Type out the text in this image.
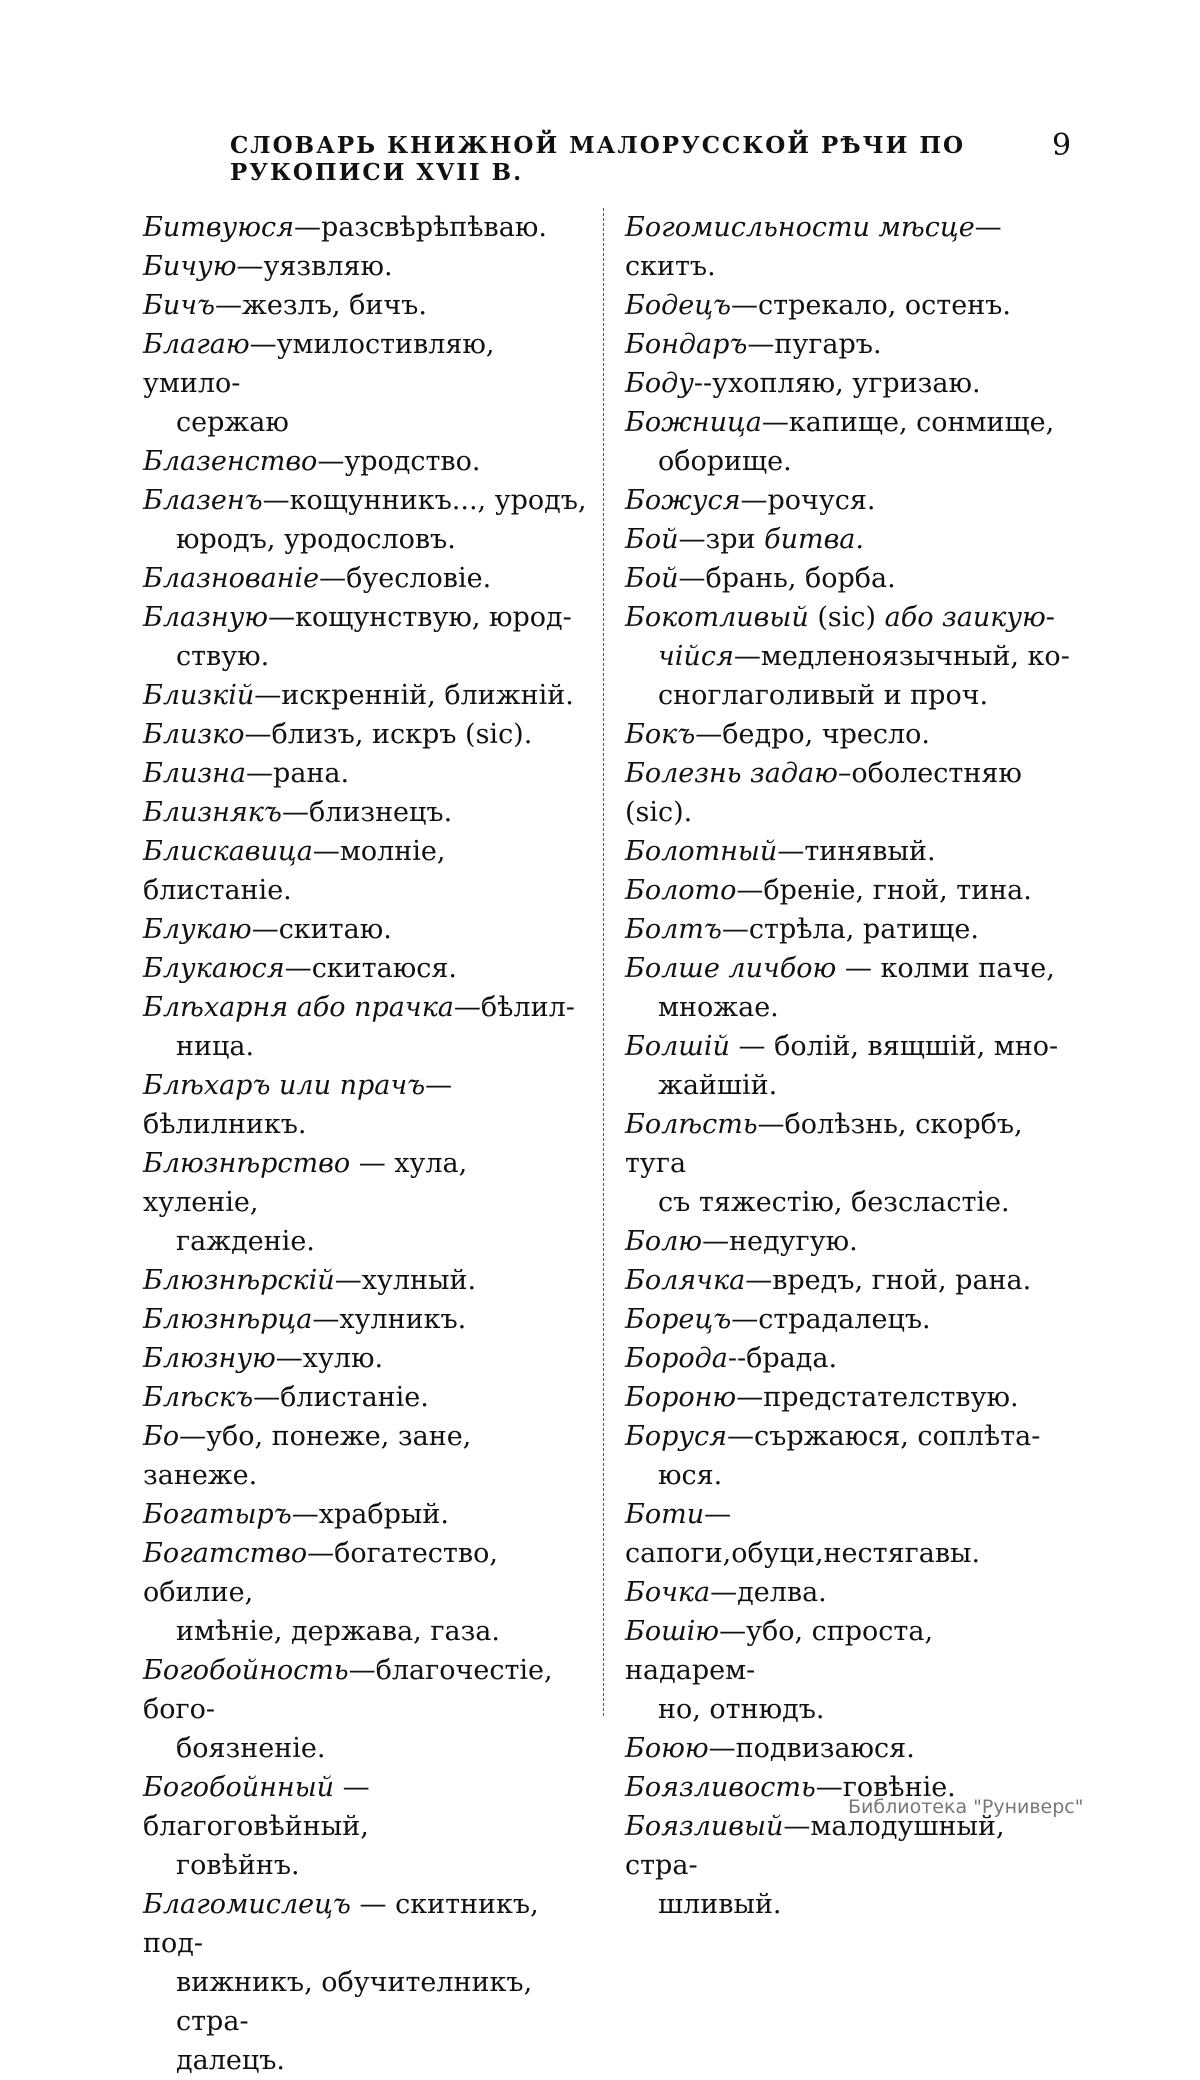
СЛОВАРЬ КНИЖНОЙ МАЛОРУССКОЙ РѢЧИ ПО РУКОПИСИ XVII В.
9
Битвуюся—разсвѣрѣпѣваю.
Бичую—уязвляю.
Бичъ—жезлъ, бичъ.
Благаю—умилостивляю, умило-
сержаю
Блазенство—уродство.
Блазенъ—кощунникъ..., уродъ,
юродъ, уродословъ.
Блазнованіе—буесловіе.
Блазную—кощунствую, юрод-
ствую.
Близкій—искренній, ближній.
Близко—близъ, искръ (sic).
Близна—рана.
Близнякъ—близнецъ.
Блискавица—молніе, блистаніе.
Блукаю—скитаю.
Блукаюся—скитаюся.
Блѣхарня або прачка—бѣлил-
ница.
Блѣхаръ или прачъ—бѣлилникъ.
Блюзнѣрство — хула, хуленіе,
гажденіе.
Блюзнѣрскій—хулный.
Блюзнѣрца—хулникъ.
Блюзную—хулю.
Блѣскъ—блистаніе.
Бо—убо, понеже, зане, занеже.
Богатыръ—храбрый.
Богатство—богатество, обилие,
имѣніе, держава, газа.
Богобойность—благочестіе, бого-
боязненіе.
Богобойнный — благоговѣйный,
говѣйнъ.
Благомислецъ — скитникъ, под-
вижникъ, обучителникъ, стра-
далецъ.
Богомисльности мѣсце—скитъ.
Бодецъ—стрекало, остенъ.
Бондаръ—пугаръ.
Боду--ухопляю, угризаю.
Божница—капище, сонмище,
оборище.
Божуся—рочуся.
Бой—зри битва.
Бой—брань, борба.
Бокотливый (sic) або заикую-
чійся—медленоязычный, ко-
сноглаголивый и проч.
Бокъ—бедро, чресло.
Болезнь задаю–оболестняю (sic).
Болотный—тинявый.
Болото—бреніе, гной, тина.
Болтъ—стрѣла, ратище.
Болше личбою — колми паче,
множае.
Болшій — болій, вящшій, мно-
жайшій.
Болѣсть—болѣзнь, скорбъ, туга
съ тяжестію, безсластіе.
Болю—недугую.
Болячка—вредъ, гной, рана.
Борецъ—страдалецъ.
Борода--брада.
Бороню—предстателствую.
Боруся—сържаюся, соплѣта-
юся.
Боти—сапоги,обуци,нестягавы.
Бочка—делва.
Бошію—убо, спроста, надарем-
но, отнюдъ.
Боюю—подвизаюся.
Боязливость—говѣніе.
Боязливый—малодушный, стра-
шливый.
Библиотека "Руниверс"
